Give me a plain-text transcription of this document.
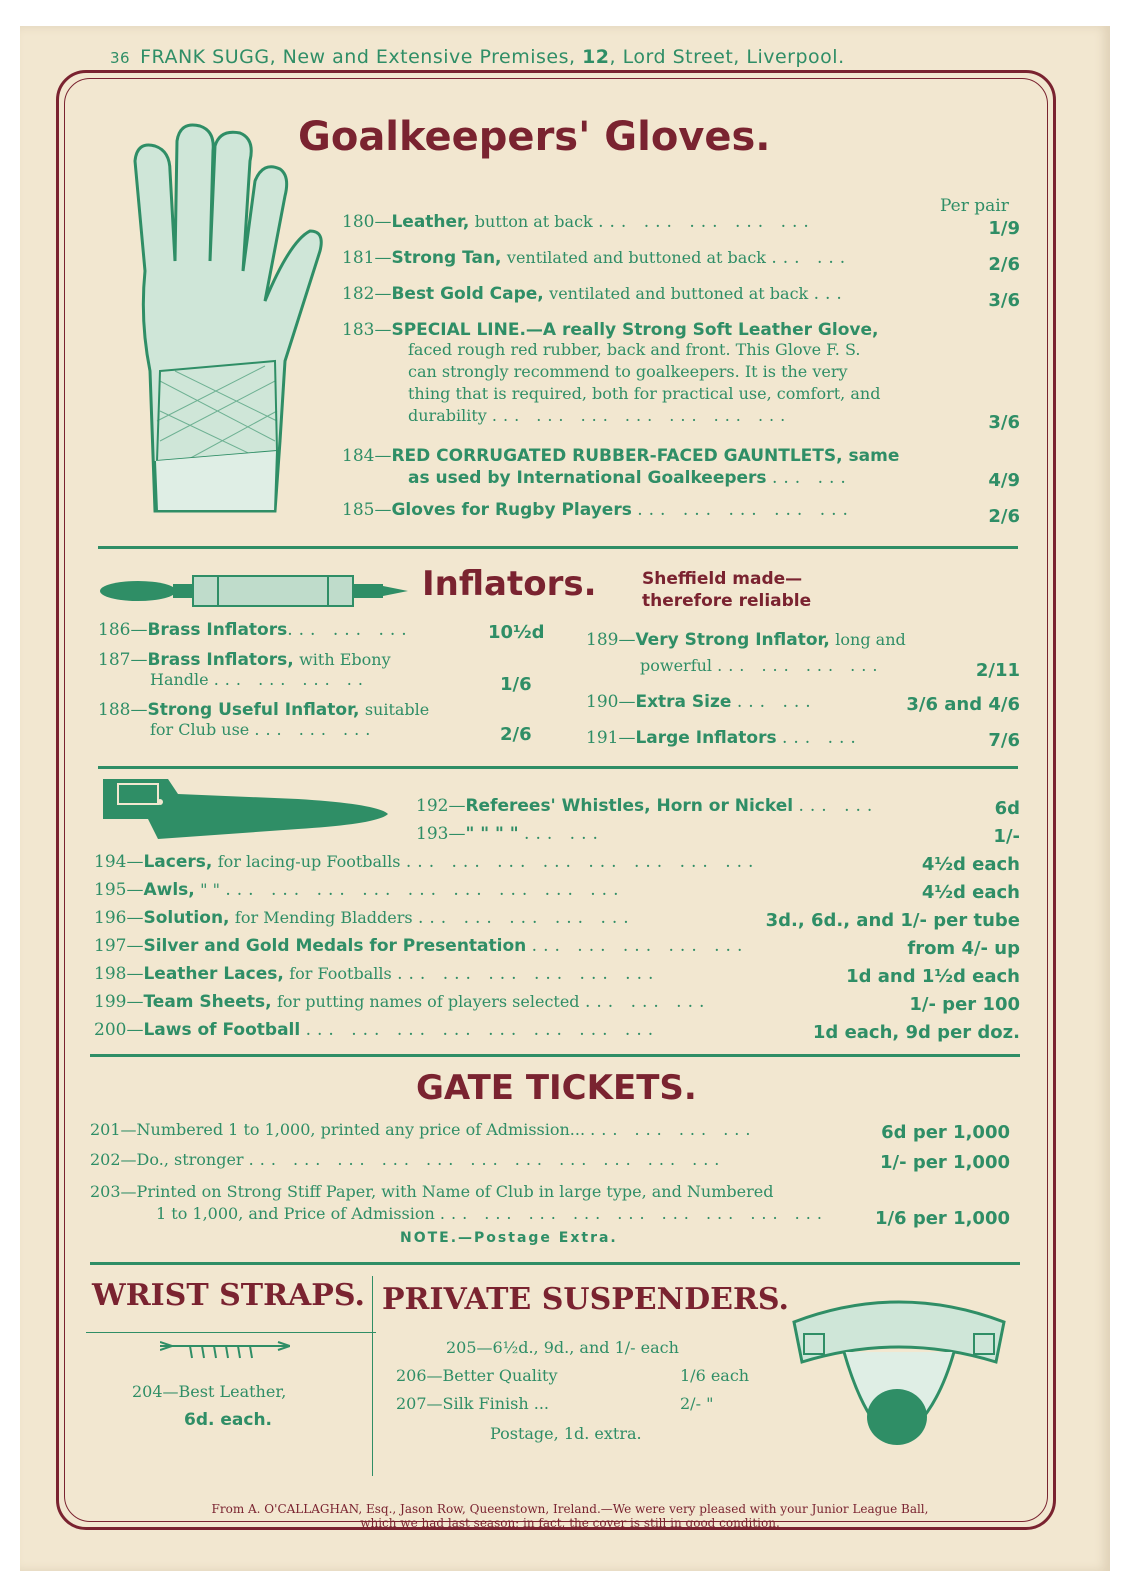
36 FRANK SUGG, New and Extensive Premises, 12, Lord Street, Liverpool.
Goalkeepers' Gloves.
Per pair
180—Leather, button at back ... ... ... ... ...	1/9
181—Strong Tan, ventilated and buttoned at back ... ...	2/6
182—Best Gold Cape, ventilated and buttoned at back ...	3/6
183—SPECIAL LINE.—A really Strong Soft Leather Glove,
faced rough red rubber, back and front. This Glove F. S.
can strongly recommend to goalkeepers. It is the very
thing that is required, both for practical use, comfort, and
durability ... ... ... ... ... ... ...	3/6
184—RED CORRUGATED RUBBER-FACED GAUNTLETS, same
as used by International Goalkeepers ... ...	4/9
185—Gloves for Rugby Players ... ... ... ... ...	2/6
Inflators.	Sheffield made—
therefore reliable
186—Brass Inflators... ... ...	10½d
187—Brass Inflators, with Ebony
Handle ... ... ... ..	1/6
188—Strong Useful Inflator, suitable
for Club use ... ... ...	2/6
189—Very Strong Inflator, long and
powerful ... ... ... ...	2/11
190—Extra Size ... ...	3/6 and 4/6
191—Large Inflators ... ...	7/6
192—Referees' Whistles, Horn or Nickel ... ...	6d
193—" " " " ... ...	1/-
194—Lacers, for lacing-up Footballs ... ... ... ... ... ... ... ...	4½d each
195—Awls, " " ... ... ... ... ... ... ... ... ...	4½d each
196—Solution, for Mending Bladders ... ... ... ... ...	3d., 6d., and 1/- per tube
197—Silver and Gold Medals for Presentation ... ... ... ... ...	from 4/- up
198—Leather Laces, for Footballs ... ... ... ... ... ...	1d and 1½d each
199—Team Sheets, for putting names of players selected ... ... ...	1/- per 100
200—Laws of Football ... ... ... ... ... ... ... ...	1d each, 9d per doz.
GATE TICKETS.
201—Numbered 1 to 1,000, printed any price of Admission... ... ... ... ...	6d per 1,000
202—Do., stronger ... ... ... ... ... ... ... ... ... ... ...	1/- per 1,000
203—Printed on Strong Stiff Paper, with Name of Club in large type, and Numbered
1 to 1,000, and Price of Admission ... ... ... ... ... ... ... ... ...	1/6 per 1,000
NOTE.—Postage Extra.
WRIST STRAPS.
204—Best Leather,
6d. each.
PRIVATE SUSPENDERS.
205—6½d., 9d., and 1/- each
206—Better Quality	1/6 each
207—Silk Finish ...	2/- "
Postage, 1d. extra.
From A. O'CALLAGHAN, Esq., Jason Row, Queenstown, Ireland.—We were very pleased with your Junior League Ball,
which we had last season; in fact, the cover is still in good condition.
